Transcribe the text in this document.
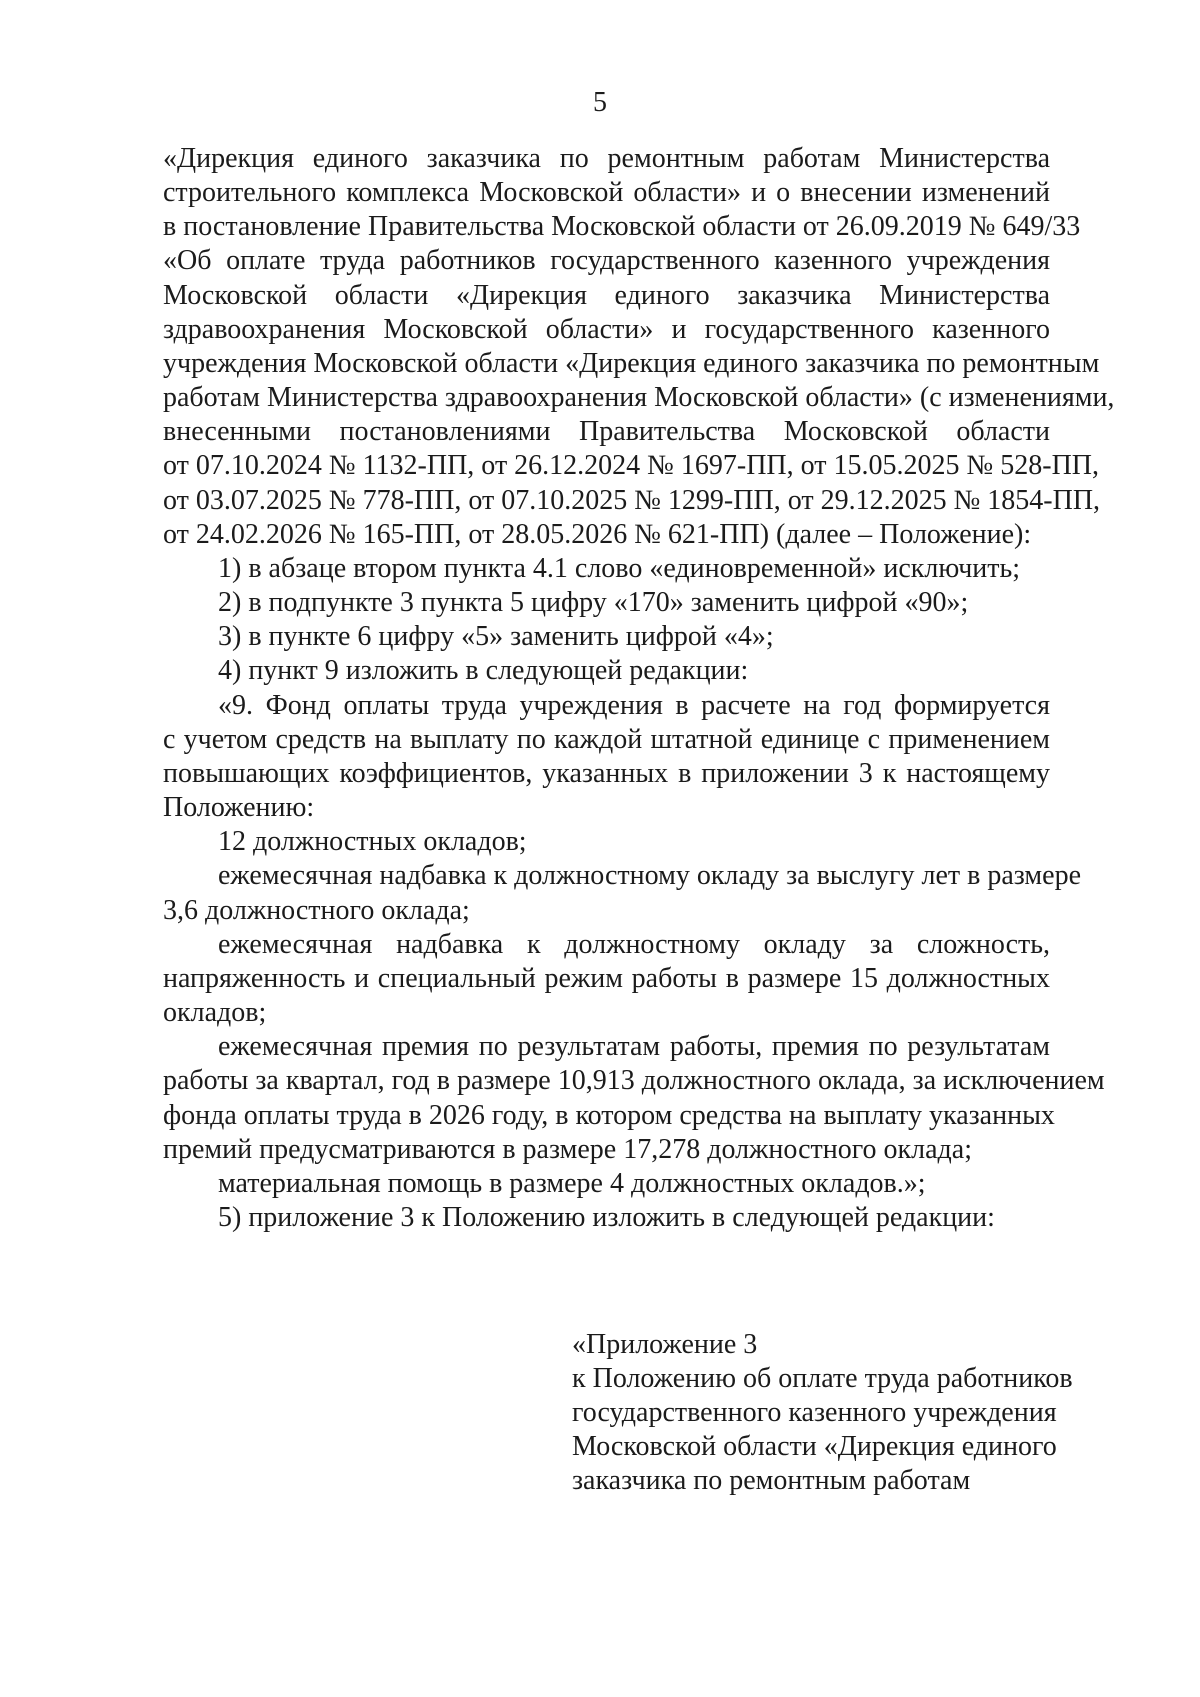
5
«Дирекция единого заказчика по ремонтным работам Министерства
строительного комплекса Московской области» и о внесении изменений
в постановление Правительства Московской области от 26.09.2019 № 649/33
«Об оплате труда работников государственного казенного учреждения
Московской области «Дирекция единого заказчика Министерства
здравоохранения Московской области» и государственного казенного
учреждения Московской области «Дирекция единого заказчика по ремонтным
работам Министерства здравоохранения Московской области» (с изменениями,
внесенными постановлениями Правительства Московской области
от 07.10.2024 № 1132-ПП, от 26.12.2024 № 1697-ПП, от 15.05.2025 № 528-ПП,
от 03.07.2025 № 778-ПП, от 07.10.2025 № 1299-ПП, от 29.12.2025 № 1854-ПП,
от 24.02.2026 № 165-ПП, от 28.05.2026 № 621-ПП) (далее – Положение):
1) в абзаце втором пункта 4.1 слово «единовременной» исключить;
2) в подпункте 3 пункта 5 цифру «170» заменить цифрой «90»;
3) в пункте 6 цифру «5» заменить цифрой «4»;
4) пункт 9 изложить в следующей редакции:
«9. Фонд оплаты труда учреждения в расчете на год формируется
с учетом средств на выплату по каждой штатной единице с применением
повышающих коэффициентов, указанных в приложении 3 к настоящему
Положению:
12 должностных окладов;
ежемесячная надбавка к должностному окладу за выслугу лет в размере
3,6 должностного оклада;
ежемесячная надбавка к должностному окладу за сложность,
напряженность и специальный режим работы в размере 15 должностных
окладов;
ежемесячная премия по результатам работы, премия по результатам
работы за квартал, год в размере 10,913 должностного оклада, за исключением
фонда оплаты труда в 2026 году, в котором средства на выплату указанных
премий предусматриваются в размере 17,278 должностного оклада;
материальная помощь в размере 4 должностных окладов.»;
5) приложение 3 к Положению изложить в следующей редакции:
«Приложение 3
к Положению об оплате труда работников
государственного казенного учреждения
Московской области «Дирекция единого
заказчика по ремонтным работам
